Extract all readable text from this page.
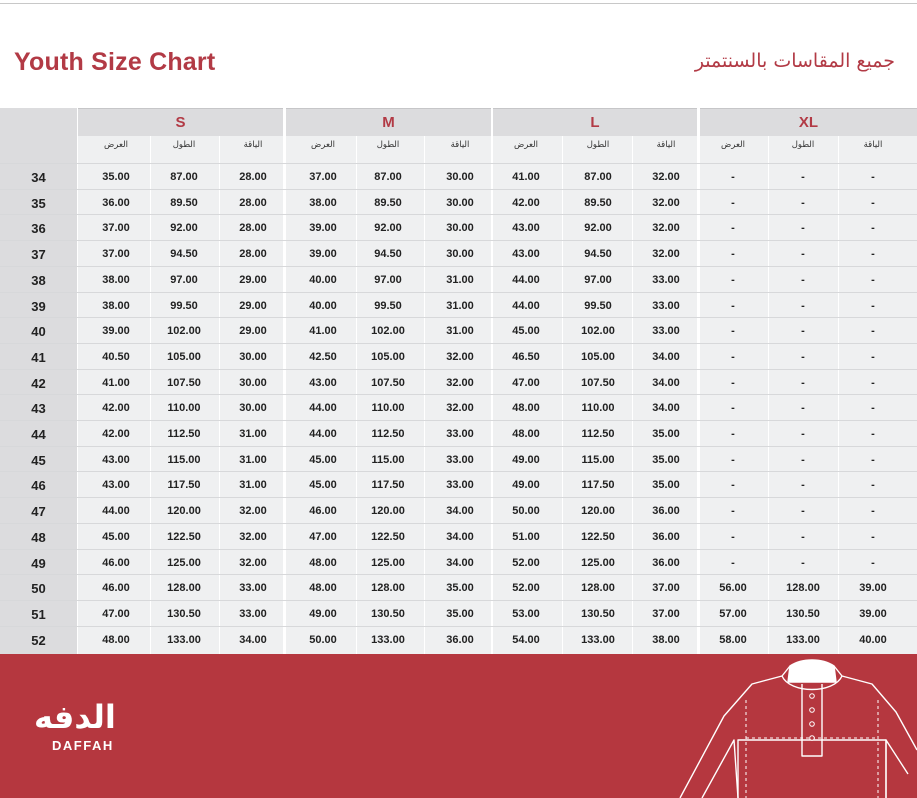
Youth Size Chart	جميع المقاسات بالسنتمتر
S
العرض	الطول	الياقة
M
العرض	الطول	الياقة
L
العرض	الطول	الياقة
XL
العرض	الطول	الياقة
34	35.00	87.00	28.00	37.00	87.00	30.00	41.00	87.00	32.00	-	-	-
35	36.00	89.50	28.00	38.00	89.50	30.00	42.00	89.50	32.00	-	-	-
36	37.00	92.00	28.00	39.00	92.00	30.00	43.00	92.00	32.00	-	-	-
37	37.00	94.50	28.00	39.00	94.50	30.00	43.00	94.50	32.00	-	-	-
38	38.00	97.00	29.00	40.00	97.00	31.00	44.00	97.00	33.00	-	-	-
39	38.00	99.50	29.00	40.00	99.50	31.00	44.00	99.50	33.00	-	-	-
40	39.00	102.00	29.00	41.00	102.00	31.00	45.00	102.00	33.00	-	-	-
41	40.50	105.00	30.00	42.50	105.00	32.00	46.50	105.00	34.00	-	-	-
42	41.00	107.50	30.00	43.00	107.50	32.00	47.00	107.50	34.00	-	-	-
43	42.00	110.00	30.00	44.00	110.00	32.00	48.00	110.00	34.00	-	-	-
44	42.00	112.50	31.00	44.00	112.50	33.00	48.00	112.50	35.00	-	-	-
45	43.00	115.00	31.00	45.00	115.00	33.00	49.00	115.00	35.00	-	-	-
46	43.00	117.50	31.00	45.00	117.50	33.00	49.00	117.50	35.00	-	-	-
47	44.00	120.00	32.00	46.00	120.00	34.00	50.00	120.00	36.00	-	-	-
48	45.00	122.50	32.00	47.00	122.50	34.00	51.00	122.50	36.00	-	-	-
49	46.00	125.00	32.00	48.00	125.00	34.00	52.00	125.00	36.00	-	-	-
50	46.00	128.00	33.00	48.00	128.00	35.00	52.00	128.00	37.00	56.00	128.00	39.00
51	47.00	130.50	33.00	49.00	130.50	35.00	53.00	130.50	37.00	57.00	130.50	39.00
52	48.00	133.00	34.00	50.00	133.00	36.00	54.00	133.00	38.00	58.00	133.00	40.00
الدفه
DAFFAH
